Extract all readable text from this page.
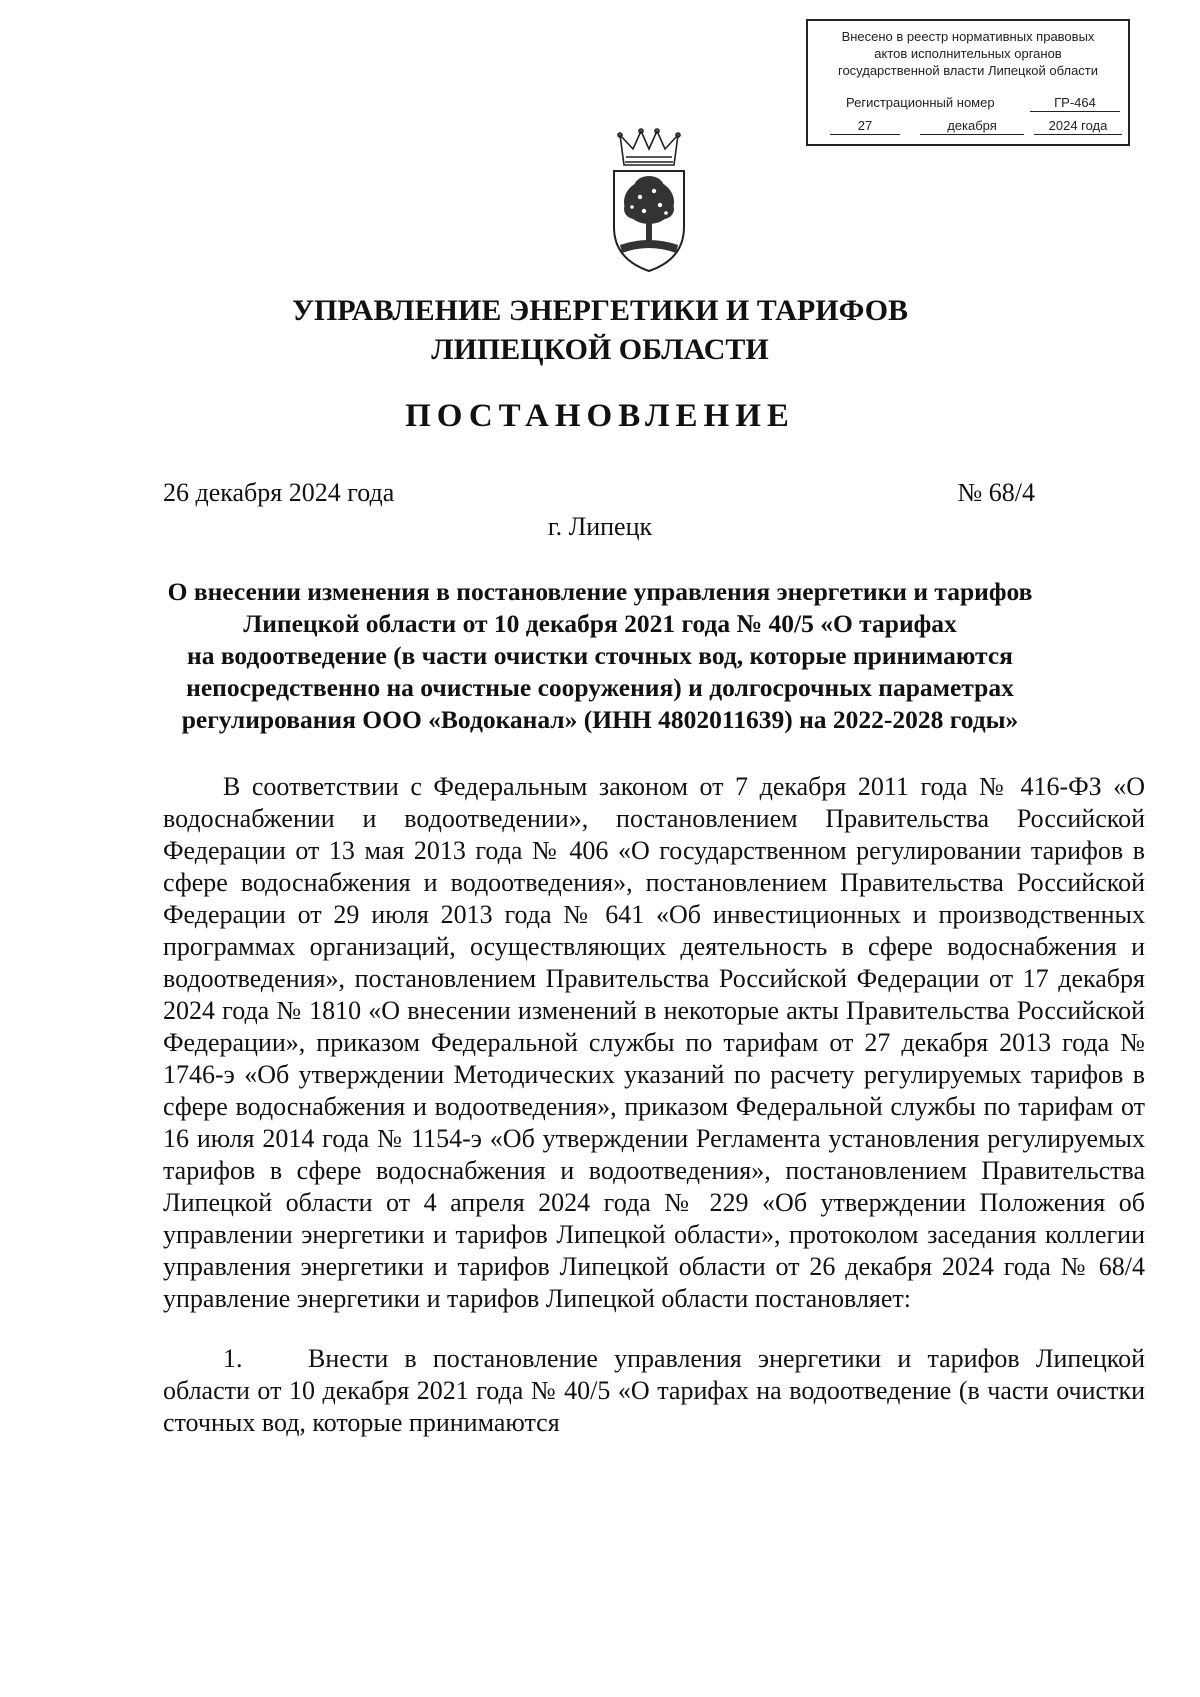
Внесено в реестр нормативных правовых
актов исполнительных органов
государственной власти Липецкой области
Регистрационный номер	ГР-464
27	декабря	2024 года
УПРАВЛЕНИЕ ЭНЕРГЕТИКИ И ТАРИФОВ
ЛИПЕЦКОЙ ОБЛАСТИ
ПОСТАНОВЛЕНИЕ
26 декабря 2024 года	№ 68/4
г. Липецк
О внесении изменения в постановление управления энергетики и тарифов
Липецкой области от 10 декабря 2021 года № 40/5 «О тарифах
на водоотведение (в части очистки сточных вод, которые принимаются
непосредственно на очистные сооружения) и долгосрочных параметрах
регулирования ООО «Водоканал» (ИНН 4802011639) на 2022-2028 годы»

В соответствии с Федеральным законом от 7 декабря 2011 года № 416-ФЗ «О водоснабжении и водоотведении», постановлением Правительства Российской Федерации от 13 мая 2013 года № 406 «О государственном регулировании тарифов в сфере водоснабжения и водоотведения», постановлением Правительства Российской Федерации от 29 июля 2013 года № 641 «Об инвестиционных и производственных программах организаций, осуществляющих деятельность в сфере водоснабжения и водоотведения», постановлением Правительства Российской Федерации от 17 декабря 2024 года № 1810 «О внесении изменений в некоторые акты Правительства Российской Федерации», приказом Федеральной службы по тарифам от 27 декабря 2013 года № 1746-э «Об утверждении Методических указаний по расчету регулируемых тарифов в сфере водоснабжения и водоотведения», приказом Федеральной службы по тарифам от 16 июля 2014 года № 1154-э «Об утверждении Регламента установления регулируемых тарифов в сфере водоснабжения и водоотведения», постановлением Правительства Липецкой области от 4 апреля 2024 года № 229 «Об утверждении Положения об управлении энергетики и тарифов Липецкой области», протоколом заседания коллегии управления энергетики и тарифов Липецкой области от 26 декабря 2024 года № 68/4 управление энергетики и тарифов Липецкой области постановляет:

1.	Внести в постановление управления энергетики и тарифов Липецкой области от 10 декабря 2021 года № 40/5 «О тарифах на водоотведение (в части очистки сточных вод, которые принимаются
